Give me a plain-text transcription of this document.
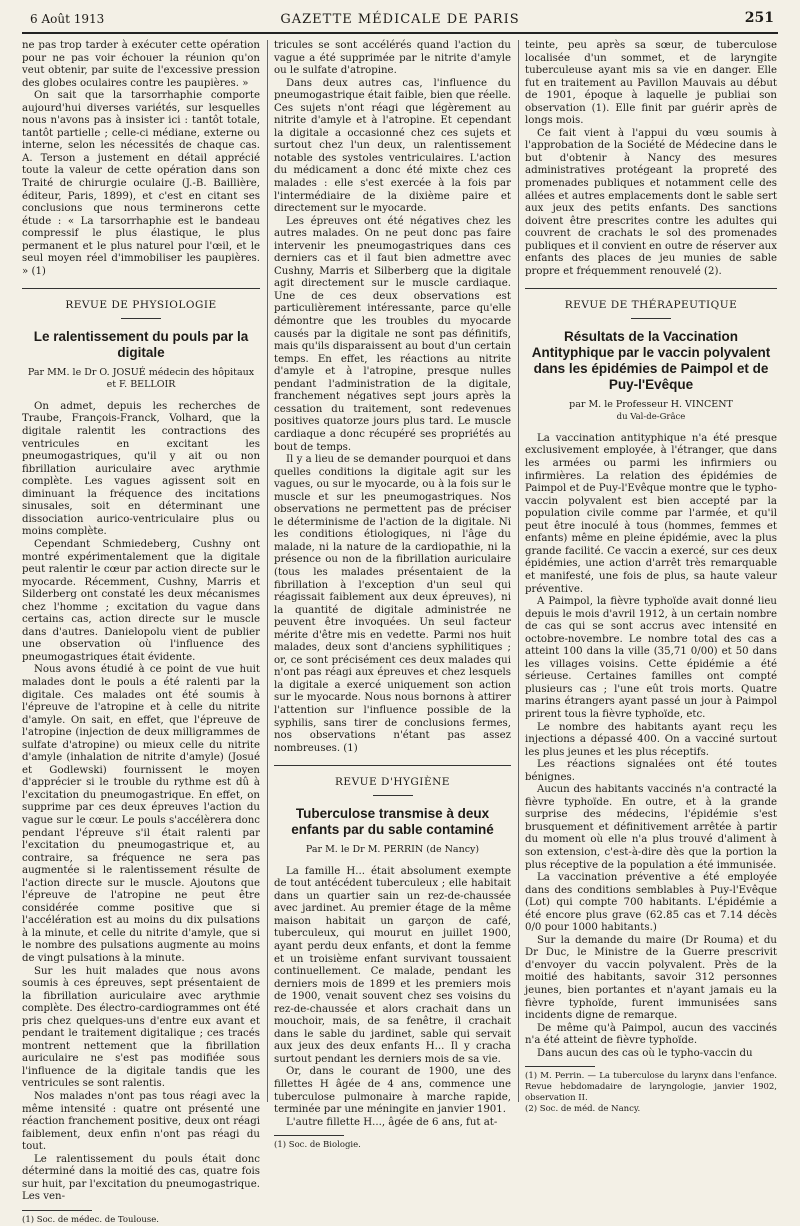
6 Août 1913	GAZETTE MÉDICALE DE PARIS	251

ne pas trop tarder à exécuter cette opération pour ne pas voir échouer la réunion qu'on veut obtenir, par suite de l'excessive pression des globes oculaires contre les paupières. »

On sait que la tarsorrhaphie comporte aujourd'hui diverses variétés, sur lesquelles nous n'avons pas à insister ici : tantôt totale, tantôt partielle ; celle-ci médiane, externe ou interne, selon les nécessités de chaque cas. A. Terson a justement en détail apprécié toute la valeur de cette opération dans son Traité de chirurgie oculaire (J.-B. Baillière, éditeur, Paris, 1899), et c'est en citant ses conclusions que nous terminerons cette étude : « La tarsorrhaphie est le bandeau compressif le plus élastique, le plus permanent et le plus naturel pour l'œil, et le seul moyen réel d'immobiliser les paupières. » (1)

REVUE DE PHYSIOLOGIE
Le ralentissement du pouls par la digitale
Par MM. le Dr O. JOSUÉ médecin des hôpitaux et F. BELLOIR

On admet, depuis les recherches de Traube, François-Franck, Volhard, que la digitale ralentit les contractions des ventricules en excitant les pneumogastriques, qu'il y ait ou non fibrillation auriculaire avec arythmie complète. Les vagues agissent soit en diminuant la fréquence des incitations sinusales, soit en déterminant une dissociation aurico-ventriculaire plus ou moins complète.

Cependant Schmiedeberg, Cushny ont montré expérimentalement que la digitale peut ralentir le cœur par action directe sur le myocarde. Récemment, Cushny, Marris et Silderberg ont constaté les deux mécanismes chez l'homme ; excitation du vague dans certains cas, action directe sur le muscle dans d'autres. Danielopolu vient de publier une observation où l'influence des pneumogastriques était évidente.

Nous avons étudié à ce point de vue huit malades dont le pouls a été ralenti par la digitale. Ces malades ont été soumis à l'épreuve de l'atropine et à celle du nitrite d'amyle. On sait, en effet, que l'épreuve de l'atropine (injection de deux milligrammes de sulfate d'atropine) ou mieux celle du nitrite d'amyle (inhalation de nitrite d'amyle) (Josué et Godlewski) fournissent le moyen d'apprécier si le trouble du rythme est dû à l'excitation du pneumogastrique. En effet, on supprime par ces deux épreuves l'action du vague sur le cœur. Le pouls s'accélèrera donc pendant l'épreuve s'il était ralenti par l'excitation du pneumogastrique et, au contraire, sa fréquence ne sera pas augmentée si le ralentissement résulte de l'action directe sur le muscle. Ajoutons que l'épreuve de l'atropine ne peut être considérée comme positive que si l'accélération est au moins du dix pulsations à la minute, et celle du nitrite d'amyle, que si le nombre des pulsations augmente au moins de vingt pulsations à la minute.

Sur les huit malades que nous avons soumis à ces épreuves, sept présentaient de la fibrillation auriculaire avec arythmie complète. Des électro-cardiogrammes ont été pris chez quelques-uns d'entre eux avant et pendant le traitement digitalique ; ces tracés montrent nettement que la fibrillation auriculaire ne s'est pas modifiée sous l'influence de la digitale tandis que les ventricules se sont ralentis.

Nos malades n'ont pas tous réagi avec la même intensité : quatre ont présenté une réaction franchement positive, deux ont réagi faiblement, deux enfin n'ont pas réagi du tout.

Le ralentissement du pouls était donc déterminé dans la moitié des cas, quatre fois sur huit, par l'excitation du pneumogastrique. Les ven-

(1) Soc. de médec. de Toulouse.

tricules se sont accélérés quand l'action du vague a été supprimée par le nitrite d'amyle ou le sulfate d'atropine.

Dans deux autres cas, l'influence du pneumogastrique était faible, bien que réelle. Ces sujets n'ont réagi que légèrement au nitrite d'amyle et à l'atropine. Et cependant la digitale a occasionné chez ces sujets et surtout chez l'un deux, un ralentissement notable des systoles ventriculaires. L'action du médicament a donc été mixte chez ces malades : elle s'est exercée à la fois par l'intermédiaire de la dixième paire et directement sur le myocarde.

Les épreuves ont été négatives chez les autres malades. On ne peut donc pas faire intervenir les pneumogastriques dans ces derniers cas et il faut bien admettre avec Cushny, Marris et Silberberg que la digitale agit directement sur le muscle cardiaque. Une de ces deux observations est particulièrement intéressante, parce qu'elle démontre que les troubles du myocarde causés par la digitale ne sont pas définitifs, mais qu'ils disparaissent au bout d'un certain temps. En effet, les réactions au nitrite d'amyle et à l'atropine, presque nulles pendant l'administration de la digitale, franchement négatives sept jours après la cessation du traitement, sont redevenues positives quatorze jours plus tard. Le muscle cardiaque a donc récupéré ses propriétés au bout de temps.

Il y a lieu de se demander pourquoi et dans quelles conditions la digitale agit sur les vagues, ou sur le myocarde, ou à la fois sur le muscle et sur les pneumogastriques. Nos observations ne permettent pas de préciser le déterminisme de l'action de la digitale. Ni les conditions étiologiques, ni l'âge du malade, ni la nature de la cardiopathie, ni la présence ou non de la fibrillation auriculaire (tous les malades présentaient de la fibrillation à l'exception d'un seul qui réagissait faiblement aux deux épreuves), ni la quantité de digitale administrée ne peuvent être invoquées. Un seul facteur mérite d'être mis en vedette. Parmi nos huit malades, deux sont d'anciens syphilitiques ; or, ce sont précisément ces deux malades qui n'ont pas réagi aux épreuves et chez lesquels la digitale a exercé uniquement son action sur le myocarde. Nous nous bornons à attirer l'attention sur l'influence possible de la syphilis, sans tirer de conclusions fermes, nos observations n'étant pas assez nombreuses. (1)

REVUE D'HYGIÈNE
Tuberculose transmise à deux enfants par du sable contaminé
Par M. le Dr M. PERRIN (de Nancy)

La famille H... était absolument exempte de tout antécédent tuberculeux ; elle habitait dans un quartier sain un rez-de-chaussée avec jardinet. Au premier étage de la même maison habitait un garçon de café, tuberculeux, qui mourut en juillet 1900, ayant perdu deux enfants, et dont la femme et un troisième enfant survivant toussaient continuellement. Ce malade, pendant les derniers mois de 1899 et les premiers mois de 1900, venait souvent chez ses voisins du rez-de-chaussée et alors crachait dans un mouchoir, mais, de sa fenêtre, il crachait dans le sable du jardinet, sable qui servait aux jeux des deux enfants H... Il y cracha surtout pendant les derniers mois de sa vie.

Or, dans le courant de 1900, une des fillettes H âgée de 4 ans, commence une tuberculose pulmonaire à marche rapide, terminée par une méningite en janvier 1901.

L'autre fillette H..., âgée de 6 ans, fut at-

(1) Soc. de Biologie.

teinte, peu après sa sœur, de tuberculose localisée d'un sommet, et de laryngite tuberculeuse ayant mis sa vie en danger. Elle fut en traitement au Pavillon Mauvais au début de 1901, époque à laquelle je publiai son observation (1). Elle finit par guérir après de longs mois.

Ce fait vient à l'appui du vœu soumis à l'approbation de la Société de Médecine dans le but d'obtenir à Nancy des mesures administratives protégeant la propreté des promenades publiques et notamment celle des allées et autres emplacements dont le sable sert aux jeux des petits enfants. Des sanctions doivent être prescrites contre les adultes qui couvrent de crachats le sol des promenades publiques et il convient en outre de réserver aux enfants des places de jeu munies de sable propre et fréquemment renouvelé (2).

REVUE DE THÉRAPEUTIQUE
Résultats de la Vaccination Antityphique par le vaccin polyvalent dans les épidémies de Paimpol et de Puy-l'Evêque
par M. le Professeur H. VINCENT
du Val-de-Grâce

La vaccination antityphique n'a été presque exclusivement employée, à l'étranger, que dans les armées ou parmi les infirmiers ou infirmières. La relation des épidémies de Paimpol et de Puy-l'Evêque montre que le typho-vaccin polyvalent est bien accepté par la population civile comme par l'armée, et qu'il peut être inoculé à tous (hommes, femmes et enfants) même en pleine épidémie, avec la plus grande facilité. Ce vaccin a exercé, sur ces deux épidémies, une action d'arrêt très remarquable et manifesté, une fois de plus, sa haute valeur préventive.

A Paimpol, la fièvre typhoïde avait donné lieu depuis le mois d'avril 1912, à un certain nombre de cas qui se sont accrus avec intensité en octobre-novembre. Le nombre total des cas a atteint 100 dans la ville (35,71 0/00) et 50 dans les villages voisins. Cette épidémie a été sérieuse. Certaines familles ont compté plusieurs cas ; l'une eût trois morts. Quatre marins étrangers ayant passé un jour à Paimpol prirent tous la fièvre typhoïde, etc.

Le nombre des habitants ayant reçu les injections a dépassé 400. On a vacciné surtout les plus jeunes et les plus réceptifs.

Les réactions signalées ont été toutes bénignes.

Aucun des habitants vaccinés n'a contracté la fièvre typhoïde. En outre, et à la grande surprise des médecins, l'épidémie s'est brusquement et définitivement arrêtée à partir du moment où elle n'a plus trouvé d'aliment à son extension, c'est-à-dire dès que la portion la plus réceptive de la population a été immunisée.

La vaccination préventive a été employée dans des conditions semblables à Puy-l'Evêque (Lot) qui compte 700 habitants. L'épidémie a été encore plus grave (62.85 cas et 7.14 décès 0/0 pour 1000 habitants.)

Sur la demande du maire (Dr Rouma) et du Dr Duc, le Ministre de la Guerre prescrivit d'envoyer du vaccin polyvalent. Près de la moitié des habitants, savoir 312 personnes jeunes, bien portantes et n'ayant jamais eu la fièvre typhoïde, furent immunisées sans incidents digne de remarque.

De même qu'à Paimpol, aucun des vaccinés n'a été atteint de fièvre typhoïde.

Dans aucun des cas où le typho-vaccin du

(1) M. Perrin. — La tuberculose du larynx dans l'enfance. Revue hebdomadaire de laryngologie, janvier 1902, observation II.

(2) Soc. de méd. de Nancy.
